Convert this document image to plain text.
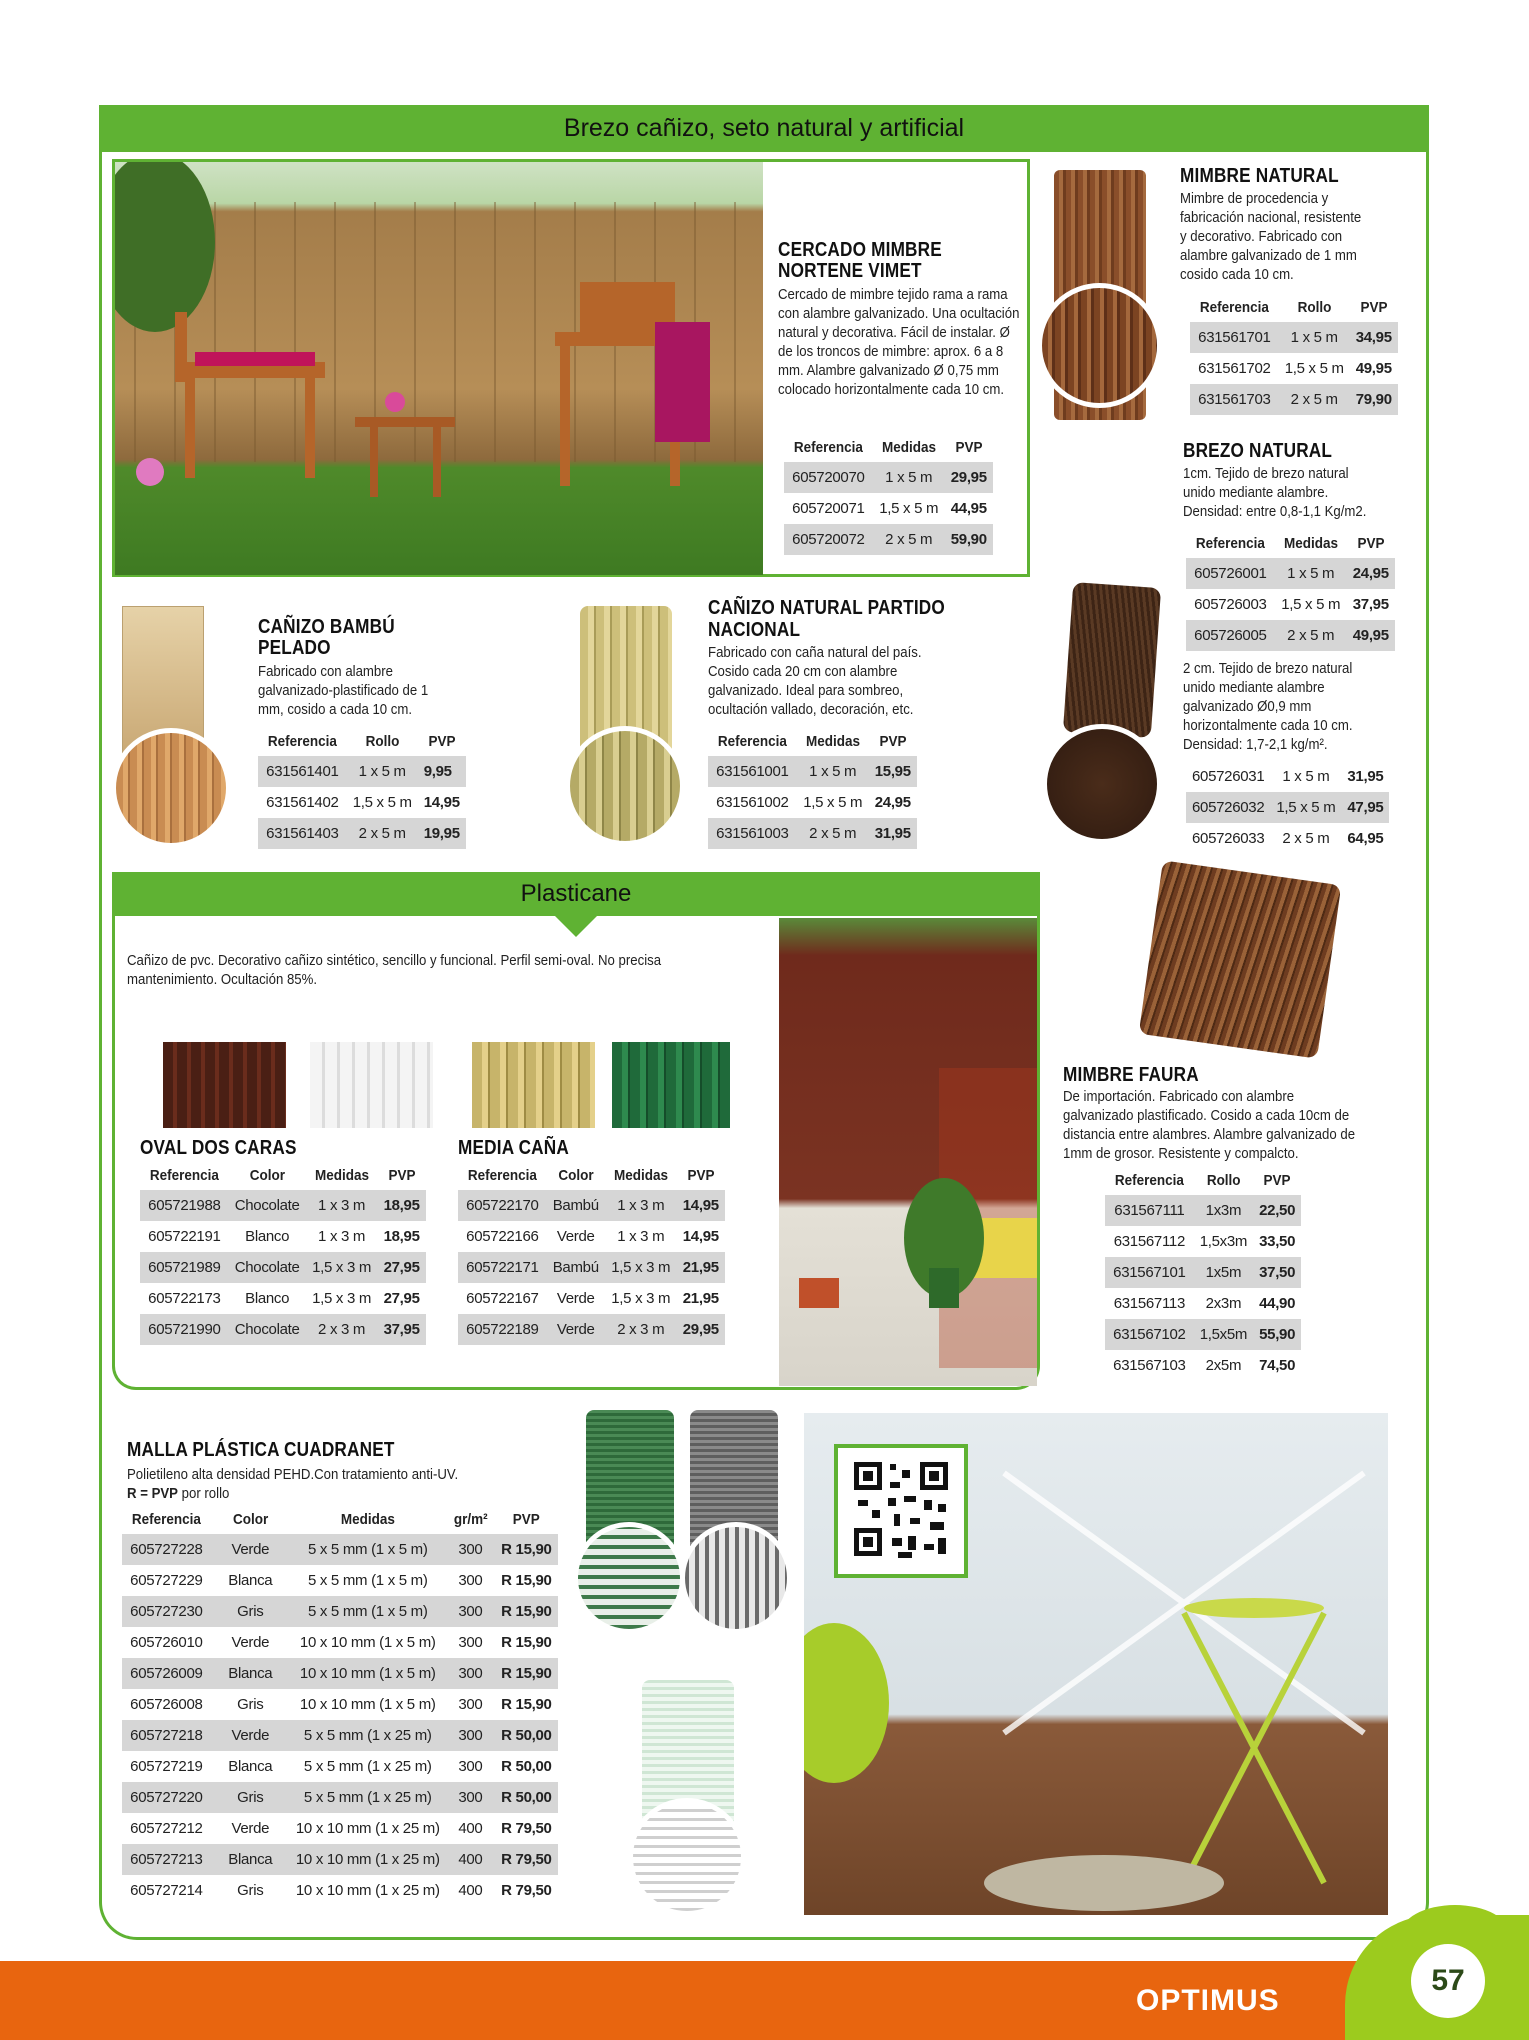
Brezo cañizo, seto natural y artificial
CERCADO MIMBRE NORTENE VIMET
Cercado de mimbre tejido rama a rama con alambre galvanizado. Una ocultación natural y decorativa. Fácil de instalar. Ø de los troncos de mimbre: aprox. 6 a 8 mm. Alambre galvanizado Ø 0,75 mm colocado horizontalmente cada 10 cm.
Referencia	Medidas	PVP
605720070	1 x 5 m	29,95
605720071	1,5 x 5 m	44,95
605720072	2 x 5 m	59,90
MIMBRE NATURAL
Mimbre de procedencia y fabricación nacional, resistente y decorativo. Fabricado con alambre galvanizado de 1 mm cosido cada 10 cm.
Referencia	Rollo	PVP
631561701	1 x 5 m	34,95
631561702	1,5 x 5 m	49,95
631561703	2 x 5 m	79,90
BREZO NATURAL
1cm. Tejido de brezo natural unido mediante alambre. Densidad: entre 0,8-1,1 Kg/m2.
Referencia	Medidas	PVP
605726001	1 x 5 m	24,95
605726003	1,5 x 5 m	37,95
605726005	2 x 5 m	49,95
2 cm. Tejido de brezo natural unido mediante alambre galvanizado Ø0,9 mm horizontalmente cada 10 cm. Densidad: 1,7-2,1 kg/m².
605726031	1 x 5 m	31,95
605726032	1,5 x 5 m	47,95
605726033	2 x 5 m	64,95
CAÑIZO BAMBÚ
PELADO
Fabricado con alambre galvanizado-plastificado de 1 mm, cosido a cada 10 cm.
Referencia	Rollo	PVP
631561401	1 x 5 m	9,95
631561402	1,5 x 5 m	14,95
631561403	2 x 5 m	19,95
CAÑIZO NATURAL PARTIDO
NACIONAL
Fabricado con caña natural del país. Cosido cada 20 cm con alambre galvanizado. Ideal para sombreo, ocultación vallado, decoración, etc.
Referencia	Medidas	PVP
631561001	1 x 5 m	15,95
631561002	1,5 x 5 m	24,95
631561003	2 x 5 m	31,95
Plasticane
Cañizo de pvc. Decorativo cañizo sintético, sencillo y funcional. Perfil semi-oval. No precisa mantenimiento. Ocultación 85%.
OVAL DOS CARAS
Referencia	Color	Medidas	PVP
605721988	Chocolate	1 x 3 m	18,95
605722191	Blanco	1 x 3 m	18,95
605721989	Chocolate	1,5 x 3 m	27,95
605722173	Blanco	1,5 x 3 m	27,95
605721990	Chocolate	2 x 3 m	37,95
MEDIA CAÑA
Referencia	Color	Medidas	PVP
605722170	Bambú	1 x 3 m	14,95
605722166	Verde	1 x 3 m	14,95
605722171	Bambú	1,5 x 3 m	21,95
605722167	Verde	1,5 x 3 m	21,95
605722189	Verde	2 x 3 m	29,95
MIMBRE FAURA
De importación. Fabricado con alambre galvanizado plastificado. Cosido a cada 10cm de distancia entre alambres. Alambre galvanizado de 1mm de grosor. Resistente y compalcto.
Referencia	Rollo	PVP
631567111	1x3m	22,50
631567112	1,5x3m	33,50
631567101	1x5m	37,50
631567113	2x3m	44,90
631567102	1,5x5m	55,90
631567103	2x5m	74,50
MALLA PLÁSTICA CUADRANET
Polietileno alta densidad PEHD.Con tratamiento anti-UV.
R = PVP por rollo
Referencia	Color	Medidas	gr/m²	PVP
605727228	Verde	5 x 5 mm (1 x 5 m)	300	R 15,90
605727229	Blanca	5 x 5 mm (1 x 5 m)	300	R 15,90
605727230	Gris	5 x 5 mm (1 x 5 m)	300	R 15,90
605726010	Verde	10 x 10 mm (1 x 5 m)	300	R 15,90
605726009	Blanca	10 x 10 mm (1 x 5 m)	300	R 15,90
605726008	Gris	10 x 10 mm (1 x 5 m)	300	R 15,90
605727218	Verde	5 x 5 mm (1 x 25 m)	300	R 50,00
605727219	Blanca	5 x 5 mm (1 x 25 m)	300	R 50,00
605727220	Gris	5 x 5 mm (1 x 25 m)	300	R 50,00
605727212	Verde	10 x 10 mm (1 x 25 m)	400	R 79,50
605727213	Blanca	10 x 10 mm (1 x 25 m)	400	R 79,50
605727214	Gris	10 x 10 mm (1 x 25 m)	400	R 79,50
OPTIMUS
57
